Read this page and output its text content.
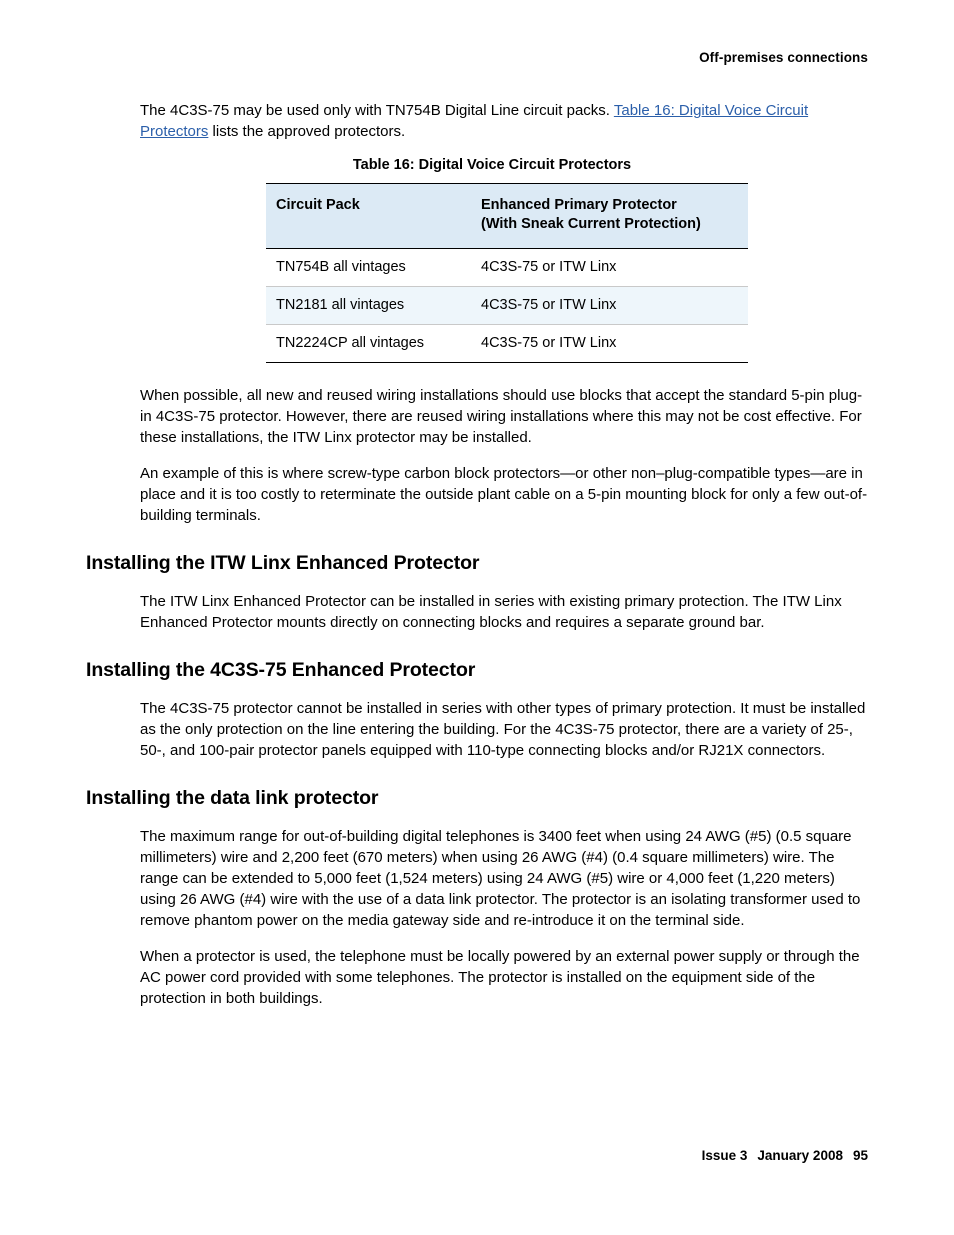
Off-premises connections

The 4C3S-75 may be used only with TN754B Digital Line circuit packs. Table 16: Digital Voice Circuit Protectors lists the approved protectors.

Table 16: Digital Voice Circuit Protectors
Circuit Pack	Enhanced Primary Protector
(With Sneak Current Protection)
TN754B all vintages	4C3S-75 or ITW Linx
TN2181 all vintages	4C3S-75 or ITW Linx
TN2224CP all vintages	4C3S-75 or ITW Linx

When possible, all new and reused wiring installations should use blocks that accept the standard 5-pin plug-in 4C3S-75 protector. However, there are reused wiring installations where this may not be cost effective. For these installations, the ITW Linx protector may be installed.

An example of this is where screw-type carbon block protectors—or other non–plug-compatible types—are in place and it is too costly to reterminate the outside plant cable on a 5-pin mounting block for only a few out-of-building terminals.

Installing the ITW Linx Enhanced Protector

The ITW Linx Enhanced Protector can be installed in series with existing primary protection. The ITW Linx Enhanced Protector mounts directly on connecting blocks and requires a separate ground bar.

Installing the 4C3S-75 Enhanced Protector

The 4C3S-75 protector cannot be installed in series with other types of primary protection. It must be installed as the only protection on the line entering the building. For the 4C3S-75 protector, there are a variety of 25-, 50-, and 100-pair protector panels equipped with 110-type connecting blocks and/or RJ21X connectors.

Installing the data link protector

The maximum range for out-of-building digital telephones is 3400 feet when using 24 AWG (#5) (0.5 square millimeters) wire and 2,200 feet (670 meters) when using 26 AWG (#4) (0.4 square millimeters) wire. The range can be extended to 5,000 feet (1,524 meters) using 24 AWG (#5) wire or 4,000 feet (1,220 meters) using 26 AWG (#4) wire with the use of a data link protector. The protector is an isolating transformer used to remove phantom power on the media gateway side and re-introduce it on the terminal side.

When a protector is used, the telephone must be locally powered by an external power supply or through the AC power cord provided with some telephones. The protector is installed on the equipment side of the protection in both buildings.

Issue 3 January 2008 95
